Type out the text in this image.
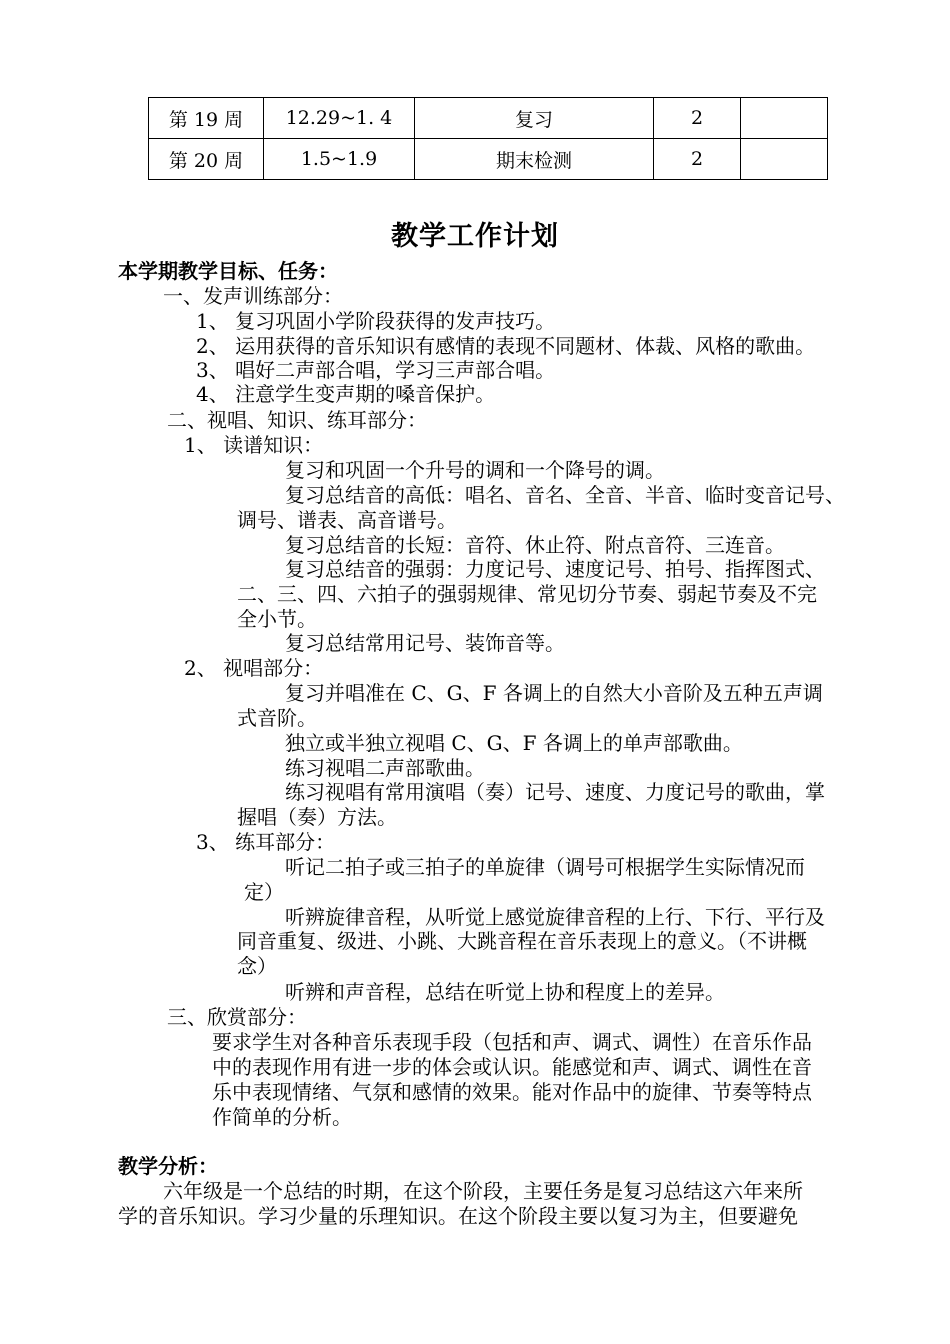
第 19 周	12.29~1. 4	复习	2	
第 20 周	1.5~1.9	期末检测	2	
教学工作计划
本学期教学目标、任务：
一、发声训练部分：
1、 复习巩固小学阶段获得的发声技巧。
2、 运用获得的音乐知识有感情的表现不同题材、体裁、风格的歌曲。
3、 唱好二声部合唱，学习三声部合唱。
4、 注意学生变声期的嗓音保护。
二、视唱、知识、练耳部分：
1、 读谱知识：
复习和巩固一个升号的调和一个降号的调。
复习总结音的高低：唱名、音名、全音、半音、临时变音记号、
调号、谱表、高音谱号。
复习总结音的长短：音符、休止符、附点音符、三连音。
复习总结音的强弱：力度记号、速度记号、拍号、指挥图式、
二、三、四、六拍子的强弱规律、常见切分节奏、弱起节奏及不完
全小节。
复习总结常用记号、装饰音等。
2、 视唱部分：
复习并唱准在 C、G、F 各调上的自然大小音阶及五种五声调
式音阶。
独立或半独立视唱 C、G、F 各调上的单声部歌曲。
练习视唱二声部歌曲。
练习视唱有常用演唱（奏）记号、速度、力度记号的歌曲，掌
握唱（奏）方法。
3、 练耳部分：
听记二拍子或三拍子的单旋律（调号可根据学生实际情况而
定）
听辨旋律音程，从听觉上感觉旋律音程的上行、下行、平行及
同音重复、级进、小跳、大跳音程在音乐表现上的意义。（不讲概
念）
听辨和声音程，总结在听觉上协和程度上的差异。
三、欣赏部分：
要求学生对各种音乐表现手段（包括和声、调式、调性）在音乐作品
中的表现作用有进一步的体会或认识。能感觉和声、调式、调性在音
乐中表现情绪、气氛和感情的效果。能对作品中的旋律、节奏等特点
作简单的分析。
教学分析：
六年级是一个总结的时期，在这个阶段，主要任务是复习总结这六年来所
学的音乐知识。学习少量的乐理知识。在这个阶段主要以复习为主，但要避免
